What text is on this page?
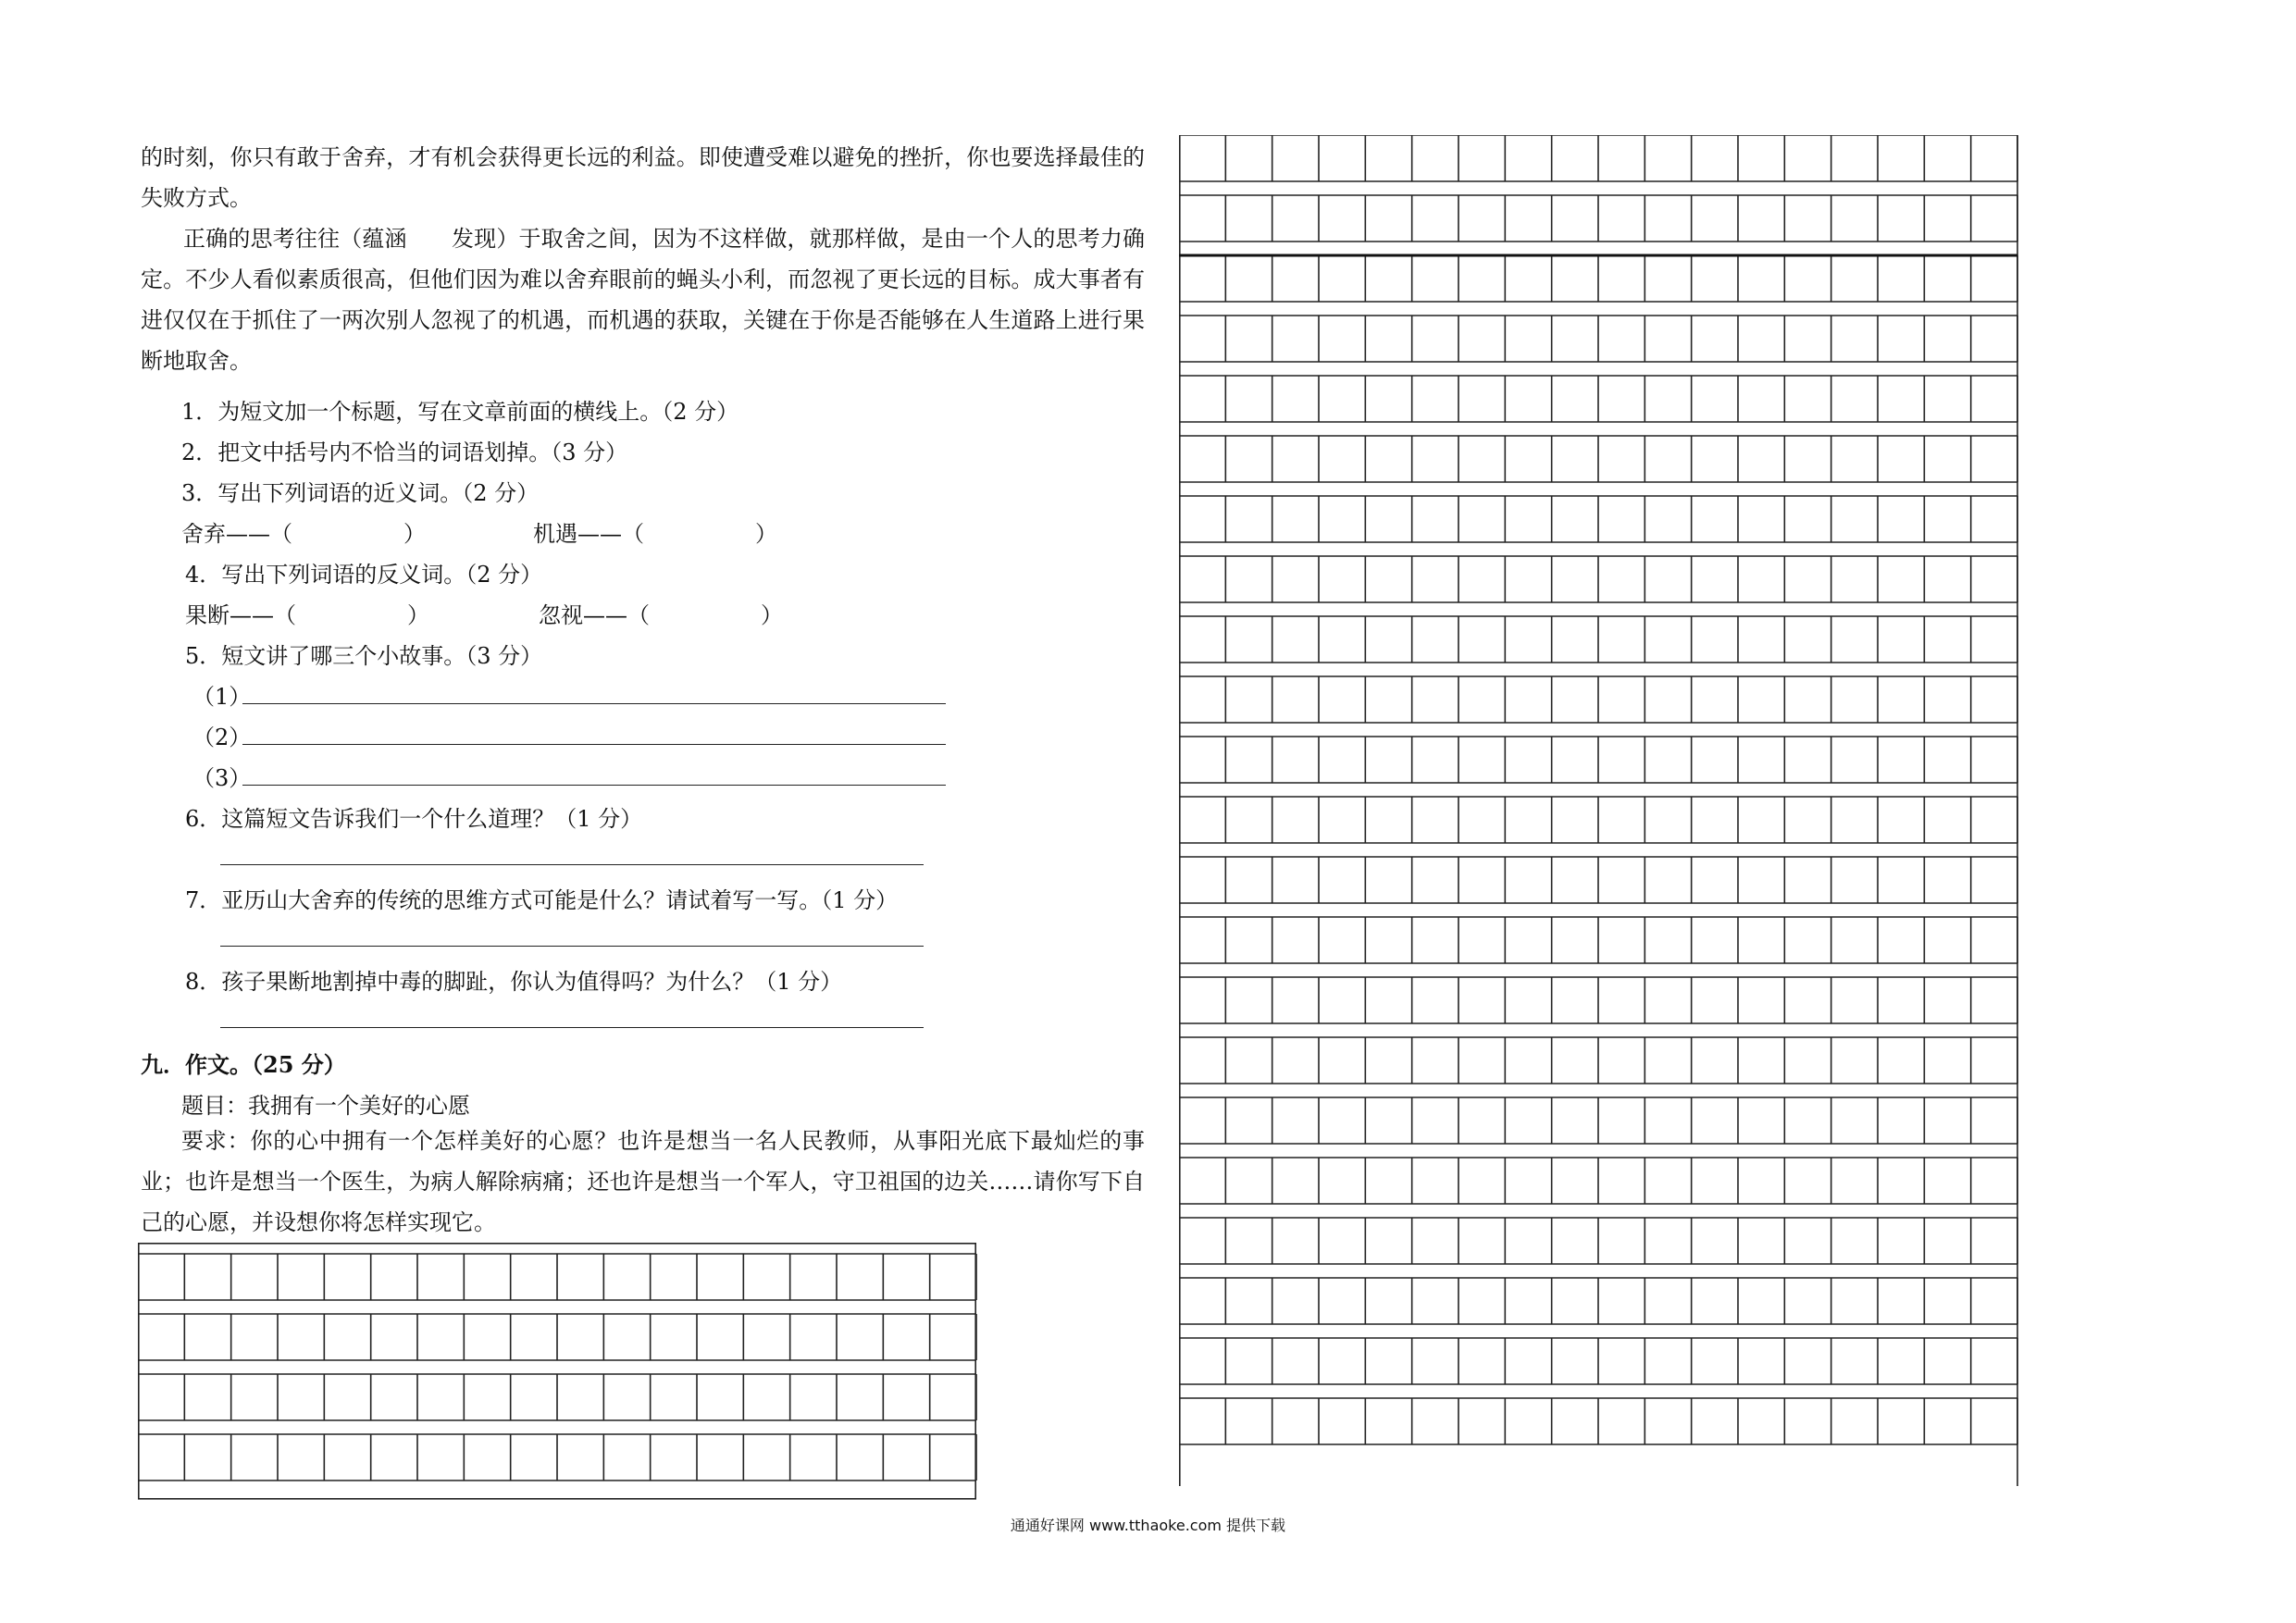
的时刻，你只有敢于舍弃，才有机会获得更长远的利益。即使遭受难以避免的挫折，你也要选择最佳的失败方式。

正确的思考往往（蕴涵　　发现）于取舍之间，因为不这样做，就那样做，是由一个人的思考力确定。不少人看似素质很高，但他们因为难以舍弃眼前的蝇头小利，而忽视了更长远的目标。成大事者有进仅仅在于抓住了一两次别人忽视了的机遇，而机遇的获取，关键在于你是否能够在人生道路上进行果断地取舍。

1．为短文加一个标题，写在文章前面的横线上。（2 分）
2．把文中括号内不恰当的词语划掉。（3 分）
3．写出下列词语的近义词。（2 分）
舍弃——（　　　　　）	机遇——（　　　　　）
4．写出下列词语的反义词。（2 分）
果断——（　　　　　）	忽视——（　　　　　）
5．短文讲了哪三个小故事。（3 分）
（1）
（2）
（3）
6．这篇短文告诉我们一个什么道理？（1 分）
7．亚历山大舍弃的传统的思维方式可能是什么？请试着写一写。（1 分）
8．孩子果断地割掉中毒的脚趾，你认为值得吗？为什么？（1 分）
九．作文。（25 分）
题目：我拥有一个美好的心愿
要求：你的心中拥有一个怎样美好的心愿？也许是想当一名人民教师，从事阳光底下最灿烂的事业；也许是想当一个医生，为病人解除病痛；还也许是想当一个军人，守卫祖国的边关……请你写下自己的心愿，并设想你将怎样实现它。
通通好课网 www.tthaoke.com 提供下载
